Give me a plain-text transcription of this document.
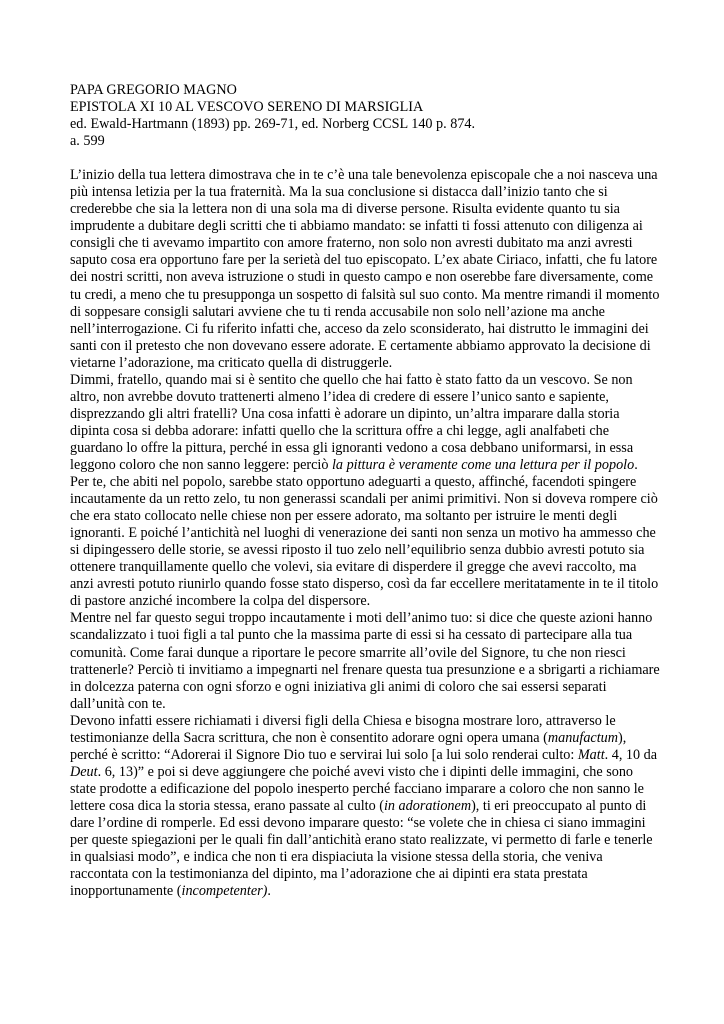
PAPA GREGORIO MAGNO

EPISTOLA XI 10 AL VESCOVO SERENO DI MARSIGLIA

ed. Ewald-Hartmann (1893) pp. 269-71, ed. Norberg CCSL 140 p. 874.

a. 599

L’inizio della tua lettera dimostrava che in te c’è una tale benevolenza episcopale che a noi nasceva una più intensa letizia per la tua fraternità. Ma la sua conclusione si distacca dall’inizio tanto che si crederebbe che sia la lettera non di una sola ma di diverse persone. Risulta evidente quanto tu sia imprudente a dubitare degli scritti che ti abbiamo mandato: se infatti ti fossi attenuto con diligenza ai consigli che ti avevamo impartito con amore fraterno, non solo non avresti dubitato ma anzi avresti saputo cosa era opportuno fare per la serietà del tuo episcopato. L’ex abate Ciriaco, infatti, che fu latore dei nostri scritti, non aveva istruzione o studi in questo campo e non oserebbe fare diversamente, come tu credi, a meno che tu presupponga un sospetto di falsità sul suo conto. Ma mentre rimandi il momento di soppesare consigli salutari avviene che tu ti renda accusabile non solo nell’azione ma anche nell’interrogazione. Ci fu riferito infatti che, acceso da zelo sconsiderato, hai distrutto le immagini dei santi con il pretesto che non dovevano essere adorate. E certamente abbiamo approvato la decisione di vietarne l’adorazione, ma criticato quella di distruggerle.

Dimmi, fratello, quando mai si è sentito che quello che hai fatto è stato fatto da un vescovo. Se non altro, non avrebbe dovuto trattenerti almeno l’idea di credere di essere l’unico santo e sapiente, disprezzando gli altri fratelli? Una cosa infatti è adorare un dipinto, un’altra imparare dalla storia dipinta cosa si debba adorare: infatti quello che la scrittura offre a chi legge, agli analfabeti che guardano lo offre la pittura, perché in essa gli ignoranti vedono a cosa debbano uniformarsi, in essa leggono coloro che non sanno leggere: perciò la pittura è veramente come una lettura per il popolo. Per te, che abiti nel popolo, sarebbe stato opportuno adeguarti a questo, affinché, facendoti spingere incautamente da un retto zelo, tu non generassi scandali per animi primitivi. Non si doveva rompere ciò che era stato collocato nelle chiese non per essere adorato, ma soltanto per istruire le menti degli ignoranti. E poiché l’antichità nel luoghi di venerazione dei santi non senza un motivo ha ammesso che si dipingessero delle storie, se avessi riposto il tuo zelo nell’equilibrio senza dubbio avresti potuto sia ottenere tranquillamente quello che volevi, sia evitare di disperdere il gregge che avevi raccolto, ma anzi avresti potuto riunirlo quando fosse stato disperso, così da far eccellere meritatamente in te il titolo di pastore anziché incombere la colpa del dispersore.

Mentre nel far questo segui troppo incautamente i moti dell’animo tuo: si dice che queste azioni hanno scandalizzato i tuoi figli a tal punto che la massima parte di essi si ha cessato di partecipare alla tua comunità. Come farai dunque a riportare le pecore smarrite all’ovile del Signore, tu che non riesci trattenerle? Perciò ti invitiamo a impegnarti nel frenare questa tua presunzione e a sbrigarti a richiamare in dolcezza paterna con ogni sforzo e ogni iniziativa gli animi di coloro che sai essersi separati dall’unità con te.

Devono infatti essere richiamati i diversi figli della Chiesa e bisogna mostrare loro, attraverso le testimonianze della Sacra scrittura, che non è consentito adorare ogni opera umana (manufactum), perché è scritto: “Adorerai il Signore Dio tuo e servirai lui solo [a lui solo renderai culto: Matt. 4, 10 da Deut. 6, 13)” e poi si deve aggiungere che poiché avevi visto che i dipinti delle immagini, che sono state prodotte a edificazione del popolo inesperto perché facciano imparare a coloro che non sanno le lettere cosa dica la storia stessa, erano passate al culto (in adorationem), ti eri preoccupato al punto di dare l’ordine di romperle. Ed essi devono imparare questo: “se volete che in chiesa ci siano immagini per queste spiegazioni per le quali fin dall’antichità erano stato realizzate, vi permetto di farle e tenerle in qualsiasi modo”, e indica che non ti era dispiaciuta la visione stessa della storia, che veniva raccontata con la testimonianza del dipinto, ma l’adorazione che ai dipinti era stata prestata inopportunamente (incompetenter).
